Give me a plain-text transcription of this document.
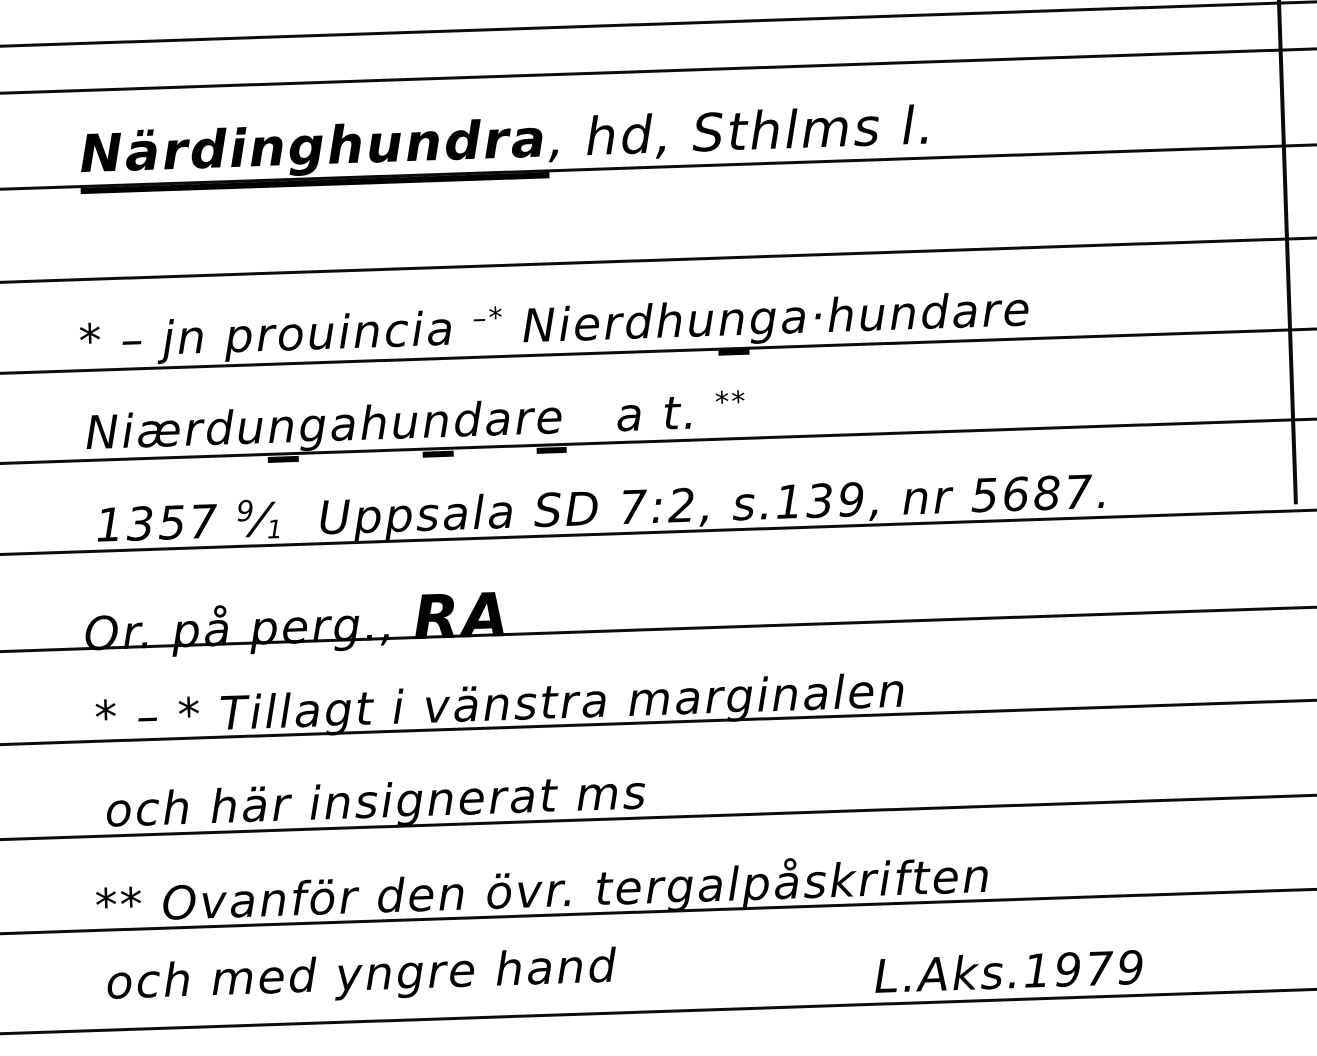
Närdinghundra, hd, Sthlms l.
* – jn prouincia –* Nierdhunga·hundare
Niærdungahundare   a t. **
1357 $^9$⁄1  Uppsala SD 7:2, s.139, nr 5687.
Or. på perg., RA
* – * Tillagt i vänstra marginalen
och här insignerat ms
** Ovanför den övr. tergalpåskriften
och med yngre hand	L.Aks.1979
